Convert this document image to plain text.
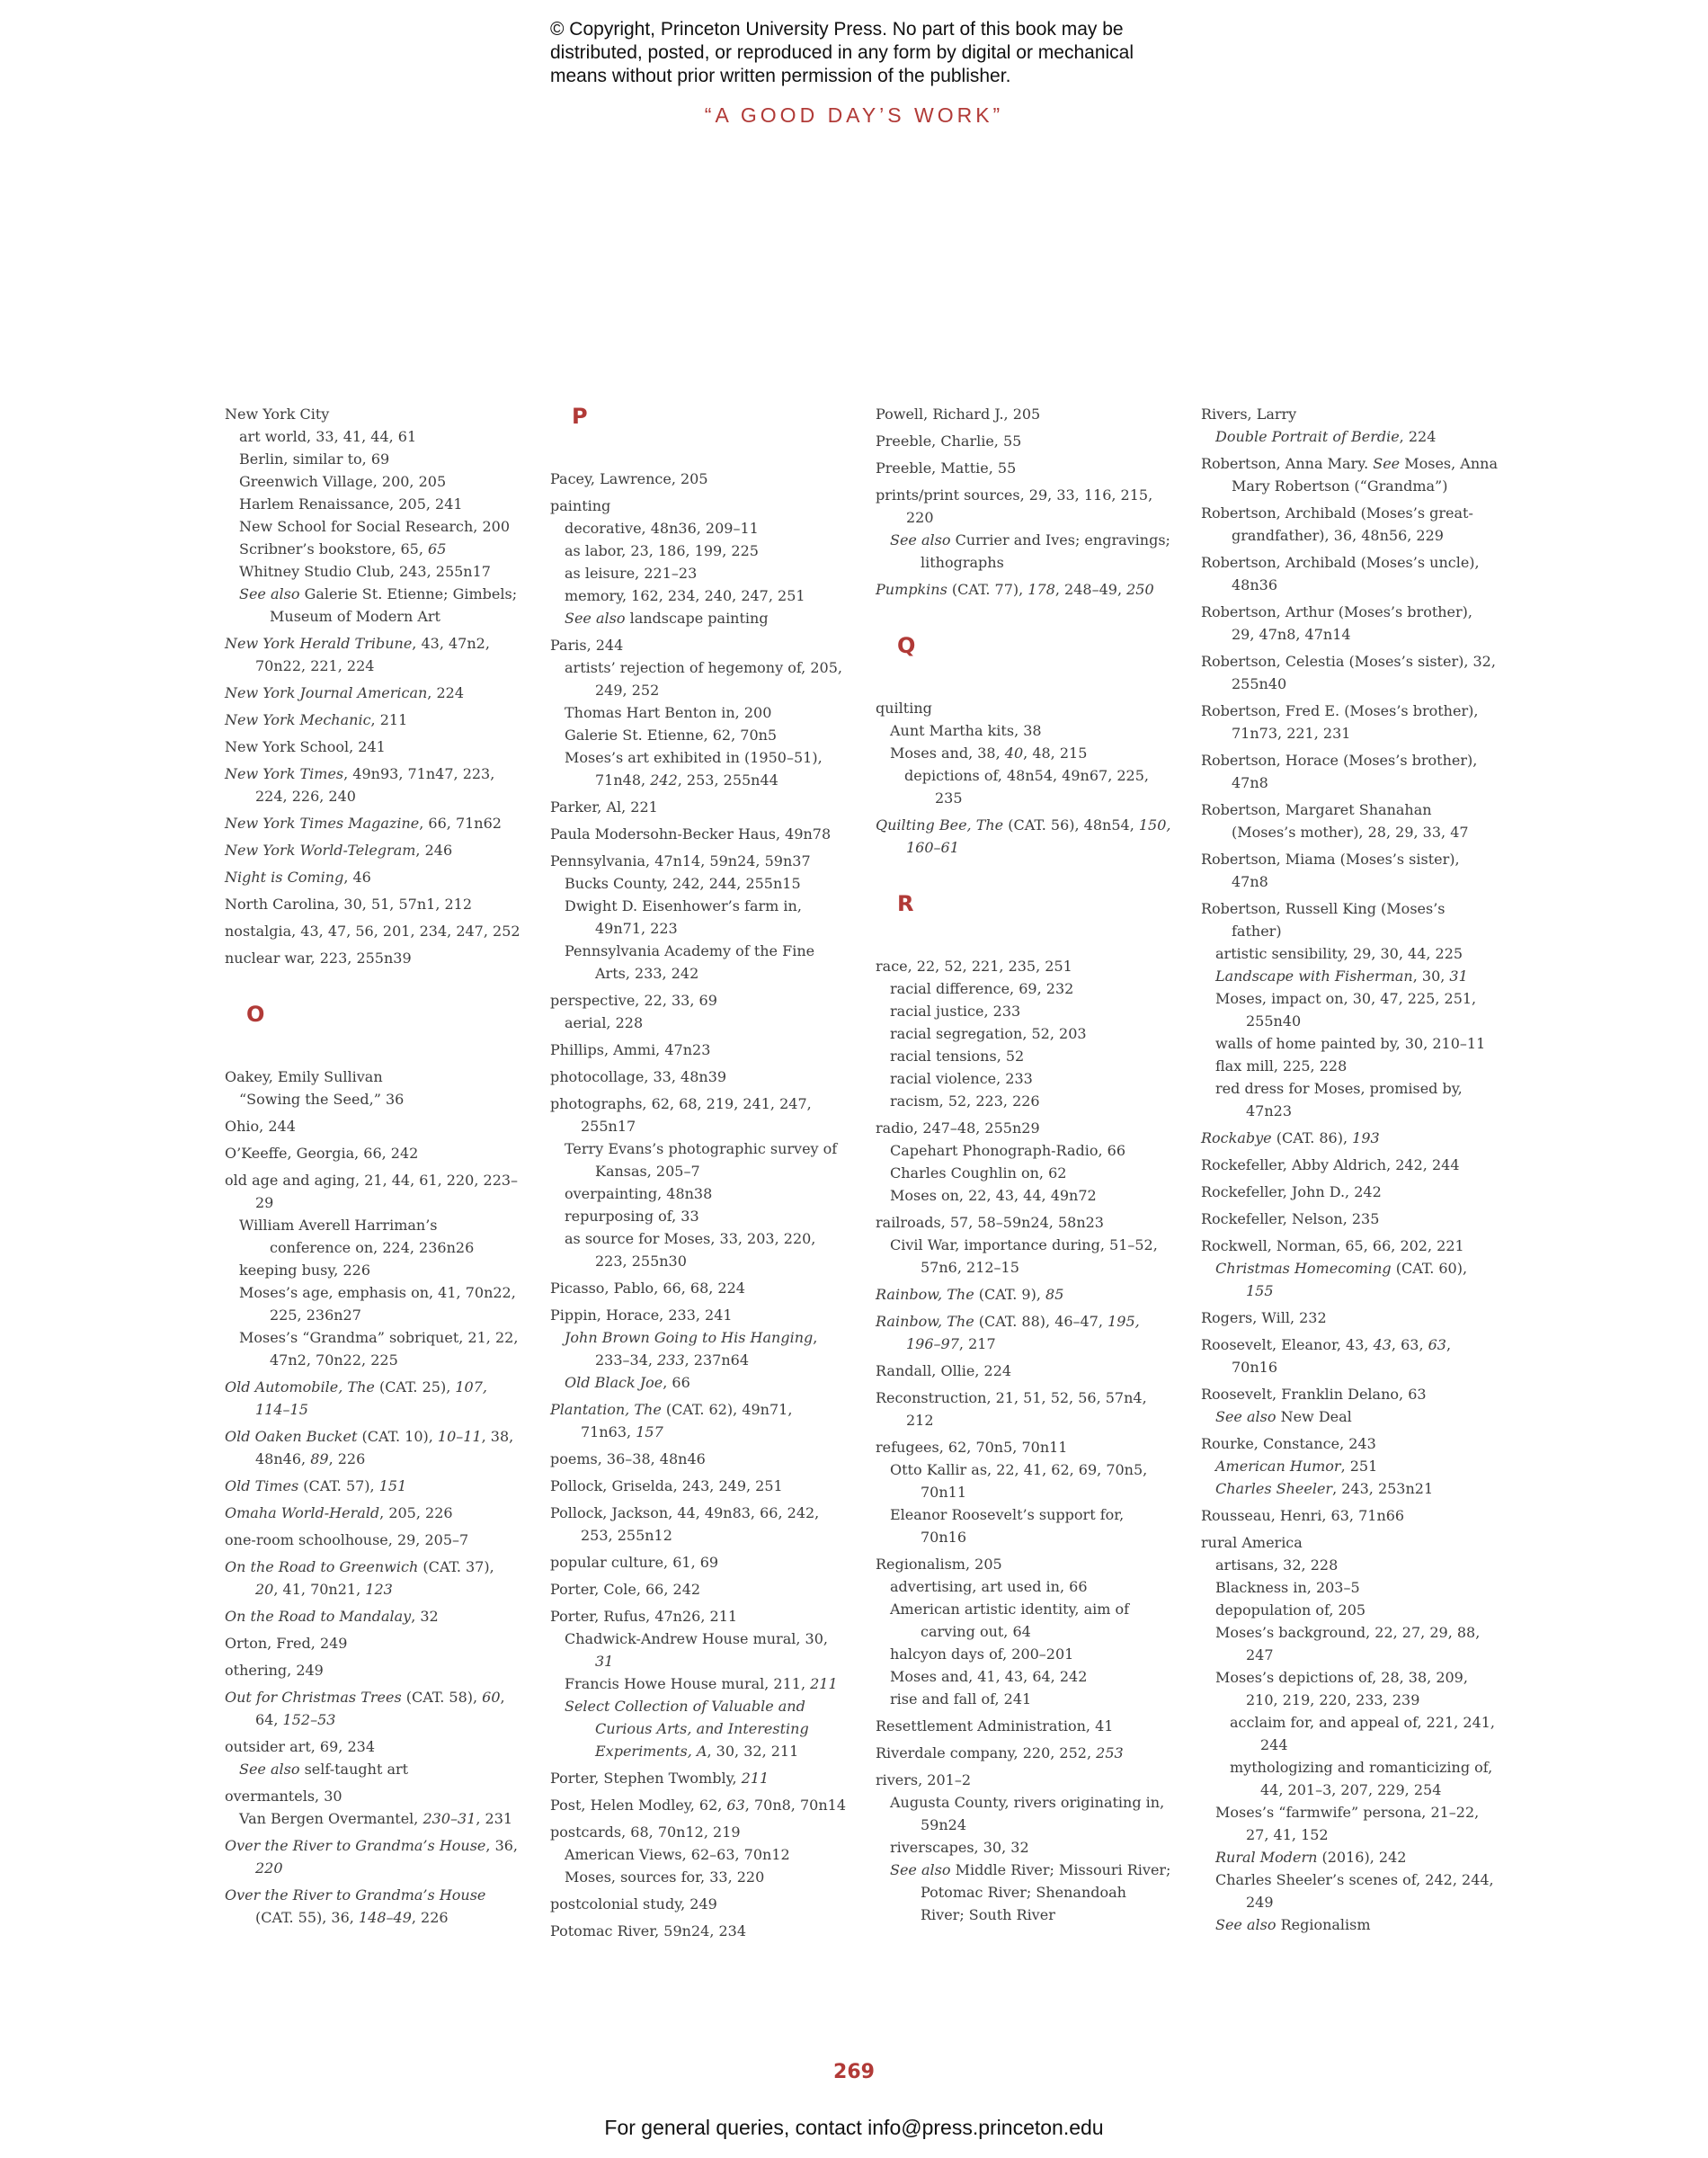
© Copyright, Princeton University Press. No part of this book may be distributed, posted, or reproduced in any form by digital or mechanical means without prior written permission of the publisher.
“A GOOD DAY’S WORK”
New York City
art world, 33, 41, 44, 61
Berlin, similar to, 69
Greenwich Village, 200, 205
Harlem Renaissance, 205, 241
New School for Social Research, 200
Scribner’s bookstore, 65, 65
Whitney Studio Club, 243, 255n17
See also Galerie St. Etienne; Gimbels; Museum of Modern Art
New York Herald Tribune, 43, 47n2, 70n22, 221, 224
New York Journal American, 224
New York Mechanic, 211
New York School, 241
New York Times, 49n93, 71n47, 223, 224, 226, 240
New York Times Magazine, 66, 71n62
New York World-Telegram, 246
Night is Coming, 46
North Carolina, 30, 51, 57n1, 212
nostalgia, 43, 47, 56, 201, 234, 247, 252
nuclear war, 223, 255n39
O
Oakey, Emily Sullivan
“Sowing the Seed,” 36
Ohio, 244
O’Keeffe, Georgia, 66, 242
old age and aging, 21, 44, 61, 220, 223–29
William Averell Harriman’s conference on, 224, 236n26
keeping busy, 226
Moses’s age, emphasis on, 41, 70n22, 225, 236n27
Moses’s “Grandma” sobriquet, 21, 22, 47n2, 70n22, 225
Old Automobile, The (CAT. 25), 107, 114–15
Old Oaken Bucket (CAT. 10), 10–11, 38, 48n46, 89, 226
Old Times (CAT. 57), 151
Omaha World-Herald, 205, 226
one-room schoolhouse, 29, 205–7
On the Road to Greenwich (CAT. 37), 20, 41, 70n21, 123
On the Road to Mandalay, 32
Orton, Fred, 249
othering, 249
Out for Christmas Trees (CAT. 58), 60, 64, 152–53
outsider art, 69, 234
See also self-taught art
overmantels, 30
Van Bergen Overmantel, 230–31, 231
Over the River to Grandma’s House, 36, 220
Over the River to Grandma’s House (CAT. 55), 36, 148–49, 226
P
Pacey, Lawrence, 205
painting
decorative, 48n36, 209–11
as labor, 23, 186, 199, 225
as leisure, 221–23
memory, 162, 234, 240, 247, 251
See also landscape painting
Paris, 244
artists’ rejection of hegemony of, 205, 249, 252
Thomas Hart Benton in, 200
Galerie St. Etienne, 62, 70n5
Moses’s art exhibited in (1950–51), 71n48, 242, 253, 255n44
Parker, Al, 221
Paula Modersohn-Becker Haus, 49n78
Pennsylvania, 47n14, 59n24, 59n37
Bucks County, 242, 244, 255n15
Dwight D. Eisenhower’s farm in, 49n71, 223
Pennsylvania Academy of the Fine Arts, 233, 242
perspective, 22, 33, 69
aerial, 228
Phillips, Ammi, 47n23
photocollage, 33, 48n39
photographs, 62, 68, 219, 241, 247, 255n17
Terry Evans’s photographic survey of Kansas, 205–7
overpainting, 48n38
repurposing of, 33
as source for Moses, 33, 203, 220, 223, 255n30
Picasso, Pablo, 66, 68, 224
Pippin, Horace, 233, 241
John Brown Going to His Hanging, 233–34, 233, 237n64
Old Black Joe, 66
Plantation, The (CAT. 62), 49n71, 71n63, 157
poems, 36–38, 48n46
Pollock, Griselda, 243, 249, 251
Pollock, Jackson, 44, 49n83, 66, 242, 253, 255n12
popular culture, 61, 69
Porter, Cole, 66, 242
Porter, Rufus, 47n26, 211
Chadwick-Andrew House mural, 30, 31
Francis Howe House mural, 211, 211
Select Collection of Valuable and Curious Arts, and Interesting Experiments, A, 30, 32, 211
Porter, Stephen Twombly, 211
Post, Helen Modley, 62, 63, 70n8, 70n14
postcards, 68, 70n12, 219
American Views, 62–63, 70n12
Moses, sources for, 33, 220
postcolonial study, 249
Potomac River, 59n24, 234
Powell, Richard J., 205
Preeble, Charlie, 55
Preeble, Mattie, 55
prints/print sources, 29, 33, 116, 215, 220
See also Currier and Ives; engravings; lithographs
Pumpkins (CAT. 77), 178, 248–49, 250
Q
quilting
Aunt Martha kits, 38
Moses and, 38, 40, 48, 215
depictions of, 48n54, 49n67, 225, 235
Quilting Bee, The (CAT. 56), 48n54, 150, 160–61
R
race, 22, 52, 221, 235, 251
racial difference, 69, 232
racial justice, 233
racial segregation, 52, 203
racial tensions, 52
racial violence, 233
racism, 52, 223, 226
radio, 247–48, 255n29
Capehart Phonograph-Radio, 66
Charles Coughlin on, 62
Moses on, 22, 43, 44, 49n72
railroads, 57, 58–59n24, 58n23
Civil War, importance during, 51–52, 57n6, 212–15
Rainbow, The (CAT. 9), 85
Rainbow, The (CAT. 88), 46–47, 195, 196–97, 217
Randall, Ollie, 224
Reconstruction, 21, 51, 52, 56, 57n4, 212
refugees, 62, 70n5, 70n11
Otto Kallir as, 22, 41, 62, 69, 70n5, 70n11
Eleanor Roosevelt’s support for, 70n16
Regionalism, 205
advertising, art used in, 66
American artistic identity, aim of carving out, 64
halcyon days of, 200–201
Moses and, 41, 43, 64, 242
rise and fall of, 241
Resettlement Administration, 41
Riverdale company, 220, 252, 253
rivers, 201–2
Augusta County, rivers originating in, 59n24
riverscapes, 30, 32
See also Middle River; Missouri River; Potomac River; Shenandoah River; South River
Rivers, Larry
Double Portrait of Berdie, 224
Robertson, Anna Mary. See Moses, Anna Mary Robertson (“Grandma”)
Robertson, Archibald (Moses’s great-grandfather), 36, 48n56, 229
Robertson, Archibald (Moses’s uncle), 48n36
Robertson, Arthur (Moses’s brother), 29, 47n8, 47n14
Robertson, Celestia (Moses’s sister), 32, 255n40
Robertson, Fred E. (Moses’s brother), 71n73, 221, 231
Robertson, Horace (Moses’s brother), 47n8
Robertson, Margaret Shanahan (Moses’s mother), 28, 29, 33, 47
Robertson, Miama (Moses’s sister), 47n8
Robertson, Russell King (Moses’s father)
artistic sensibility, 29, 30, 44, 225
Landscape with Fisherman, 30, 31
Moses, impact on, 30, 47, 225, 251, 255n40
walls of home painted by, 30, 210–11
flax mill, 225, 228
red dress for Moses, promised by, 47n23
Rockabye (CAT. 86), 193
Rockefeller, Abby Aldrich, 242, 244
Rockefeller, John D., 242
Rockefeller, Nelson, 235
Rockwell, Norman, 65, 66, 202, 221
Christmas Homecoming (CAT. 60), 155
Rogers, Will, 232
Roosevelt, Eleanor, 43, 43, 63, 63, 70n16
Roosevelt, Franklin Delano, 63
See also New Deal
Rourke, Constance, 243
American Humor, 251
Charles Sheeler, 243, 253n21
Rousseau, Henri, 63, 71n66
rural America
artisans, 32, 228
Blackness in, 203–5
depopulation of, 205
Moses’s background, 22, 27, 29, 88, 247
Moses’s depictions of, 28, 38, 209, 210, 219, 220, 233, 239
acclaim for, and appeal of, 221, 241, 244
mythologizing and romanticizing of, 44, 201–3, 207, 229, 254
Moses’s “farmwife” persona, 21–22, 27, 41, 152
Rural Modern (2016), 242
Charles Sheeler’s scenes of, 242, 244, 249
See also Regionalism
269
For general queries, contact info@press.princeton.edu
